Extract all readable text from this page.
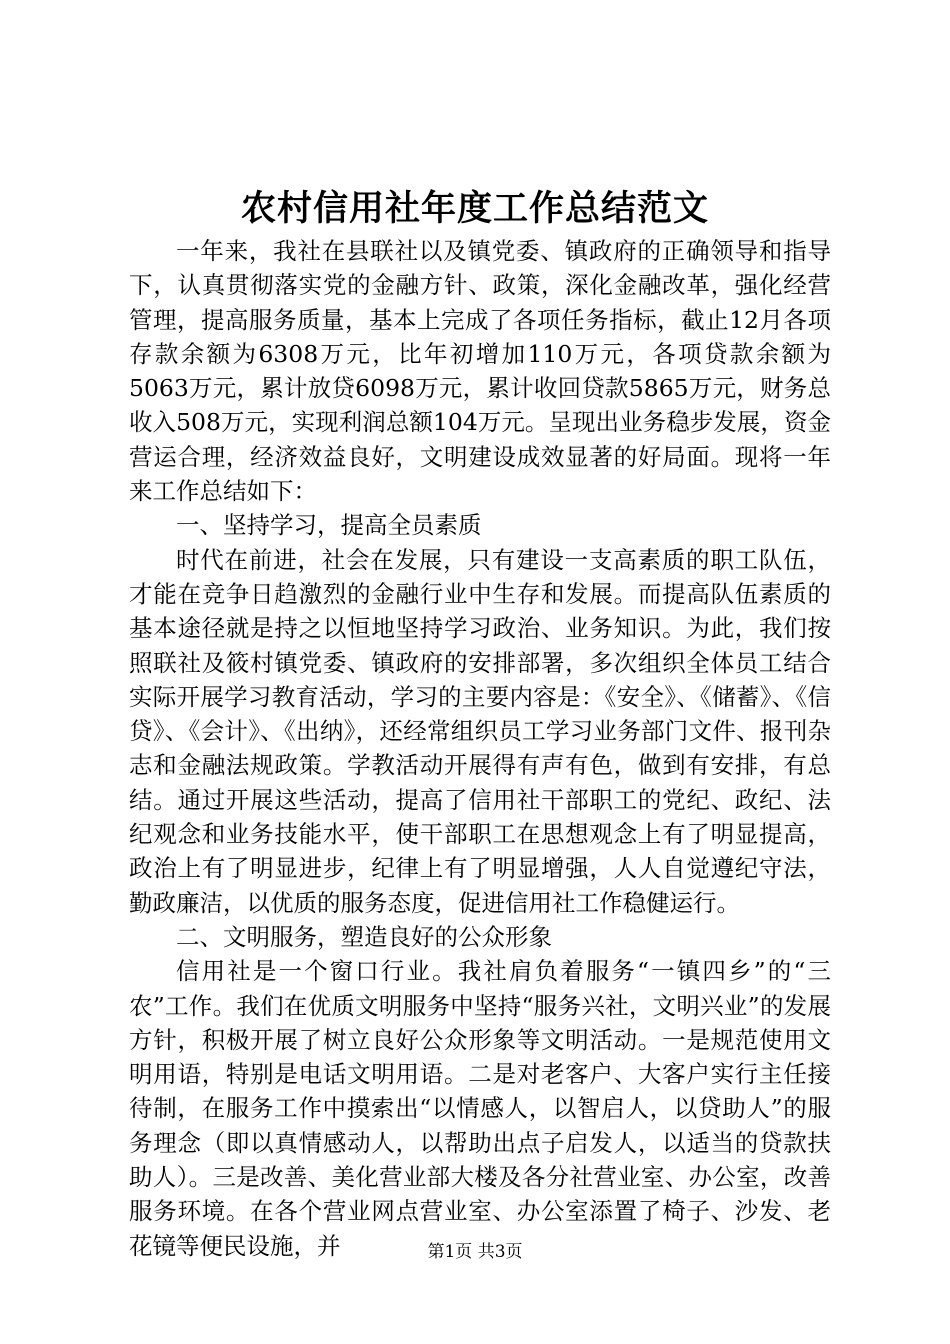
农村信用社年度工作总结范文

一年来，我社在县联社以及镇党委、镇政府的正确领导和指导下，认真贯彻落实党的金融方针、政策，深化金融改革，强化经营管理，提高服务质量，基本上完成了各项任务指标，截止12月各项存款余额为6308万元，比年初增加110万元，各项贷款余额为5063万元，累计放贷6098万元，累计收回贷款5865万元，财务总收入508万元，实现利润总额104万元。呈现出业务稳步发展，资金营运合理，经济效益良好，文明建设成效显著的好局面。现将一年来工作总结如下：

一、坚持学习，提高全员素质

时代在前进，社会在发展，只有建设一支高素质的职工队伍，才能在竞争日趋激烈的金融行业中生存和发展。而提高队伍素质的基本途径就是持之以恒地坚持学习政治、业务知识。为此，我们按照联社及筱村镇党委、镇政府的安排部署，多次组织全体员工结合实际开展学习教育活动，学习的主要内容是：《安全》、《储蓄》、《信贷》、《会计》、《出纳》，还经常组织员工学习业务部门文件、报刊杂志和金融法规政策。学教活动开展得有声有色，做到有安排，有总结。通过开展这些活动，提高了信用社干部职工的党纪、政纪、法纪观念和业务技能水平，使干部职工在思想观念上有了明显提高，政治上有了明显进步，纪律上有了明显增强，人人自觉遵纪守法，勤政廉洁，以优质的服务态度，促进信用社工作稳健运行。

二、文明服务，塑造良好的公众形象

信用社是一个窗口行业。我社肩负着服务“一镇四乡”的“三农”工作。我们在优质文明服务中坚持“服务兴社，文明兴业”的发展方针，积极开展了树立良好公众形象等文明活动。一是规范使用文明用语，特别是电话文明用语。二是对老客户、大客户实行主任接待制，在服务工作中摸索出“以情感人，以智启人，以贷助人”的服务理念（即以真情感动人，以帮助出点子启发人，以适当的贷款扶助人）。三是改善、美化营业部大楼及各分社营业室、办公室，改善服务环境。在各个营业网点营业室、办公室添置了椅子、沙发、老花镜等便民设施，并	第1页 共3页
